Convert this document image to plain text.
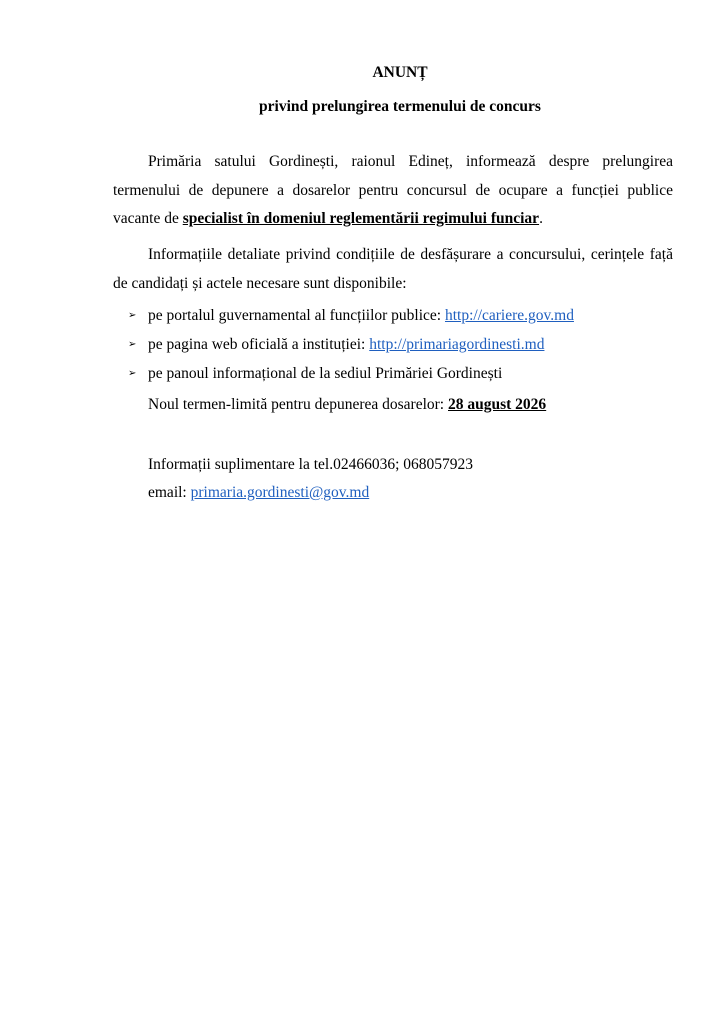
ANUNȚ
privind prelungirea termenului de concurs
Primăria satului Gordinești, raionul Edineț, informează despre prelungirea termenului de depunere a dosarelor pentru concursul de ocupare a funcției publice vacante de specialist în domeniul reglementării regimului funciar.
Informațiile detaliate privind condițiile de desfășurare a concursului, cerințele față de candidați și actele necesare sunt disponibile:
➢ pe portalul guvernamental al funcțiilor publice: http://cariere.gov.md
➢ pe pagina web oficială a instituției: http://primariagordinesti.md
➢ pe panoul informațional de la sediul Primăriei Gordinești
Noul termen-limită pentru depunerea dosarelor: 28 august 2026
Informații suplimentare la tel.02466036; 068057923
email: primaria.gordinesti@gov.md
